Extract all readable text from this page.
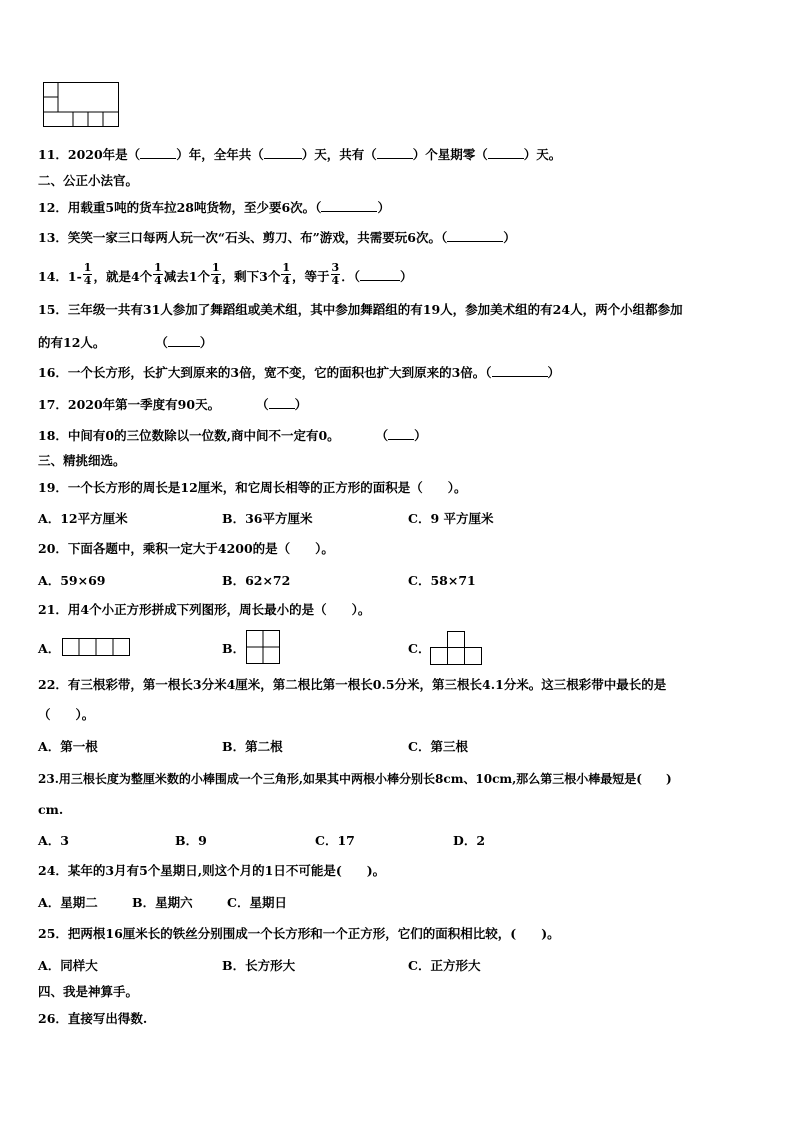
11．2020年是（	）年，全年共（	）天，共有（	）个星期零（	）天。
二、公正小法官。
12．用载重5吨的货车拉28吨货物，至少要6次。（	）
13．笑笑一家三口每两人玩一次“石头、剪刀、布”游戏，共需要玩6次。（	）
14．$1- \frac{1}{4}$ ，就是4个 $\frac{1}{4}$ 减去1个 $\frac{1}{4}$ ，剩下3个 $\frac{1}{4}$ ，等于 $\frac{3}{4}$ ．（	）
15．三年级一共有31人参加了舞蹈组或美术组，其中参加舞蹈组的有19人，参加美术组的有24人，两个小组都参加
的有12人。	（	）
16．一个长方形，长扩大到原来的3倍，宽不变，它的面积也扩大到原来的3倍。（	）
17．2020年第一季度有90天。	（ ）
18．中间有0的三位数除以一位数,商中间不一定有0。	（ ）
三、精挑细选。
19．一个长方形的周长是12厘米，和它周长相等的正方形的面积是（　　）。
A．12平方厘米	B．36平方厘米	C．9 平方厘米
20．下面各题中，乘积一定大于4200的是（　　）。
A．59×69	B．62×72	C．58×71
21．用4个小正方形拼成下列图形，周长最小的是（　　）。
A．	B．	C．
22．有三根彩带，第一根长3分米4厘米，第二根比第一根长0.5分米，第三根长4.1分米。这三根彩带中最长的是
（　　）。
A．第一根	B．第二根	C．第三根
23.用三根长度为整厘米数的小棒围成一个三角形,如果其中两根小棒分别长8cm、10cm,那么第三根小棒最短是(　　)
cm.
A．3	B．9	C．17	D．2
24．某年的3月有5个星期日,则这个月的1日不可能是(　　)。
A．星期二	B．星期六	C．星期日
25．把两根16厘米长的铁丝分别围成一个长方形和一个正方形，它们的面积相比较，(　　)。
A．同样大	B．长方形大	C．正方形大
四、我是神算手。
26．直接写出得数.
